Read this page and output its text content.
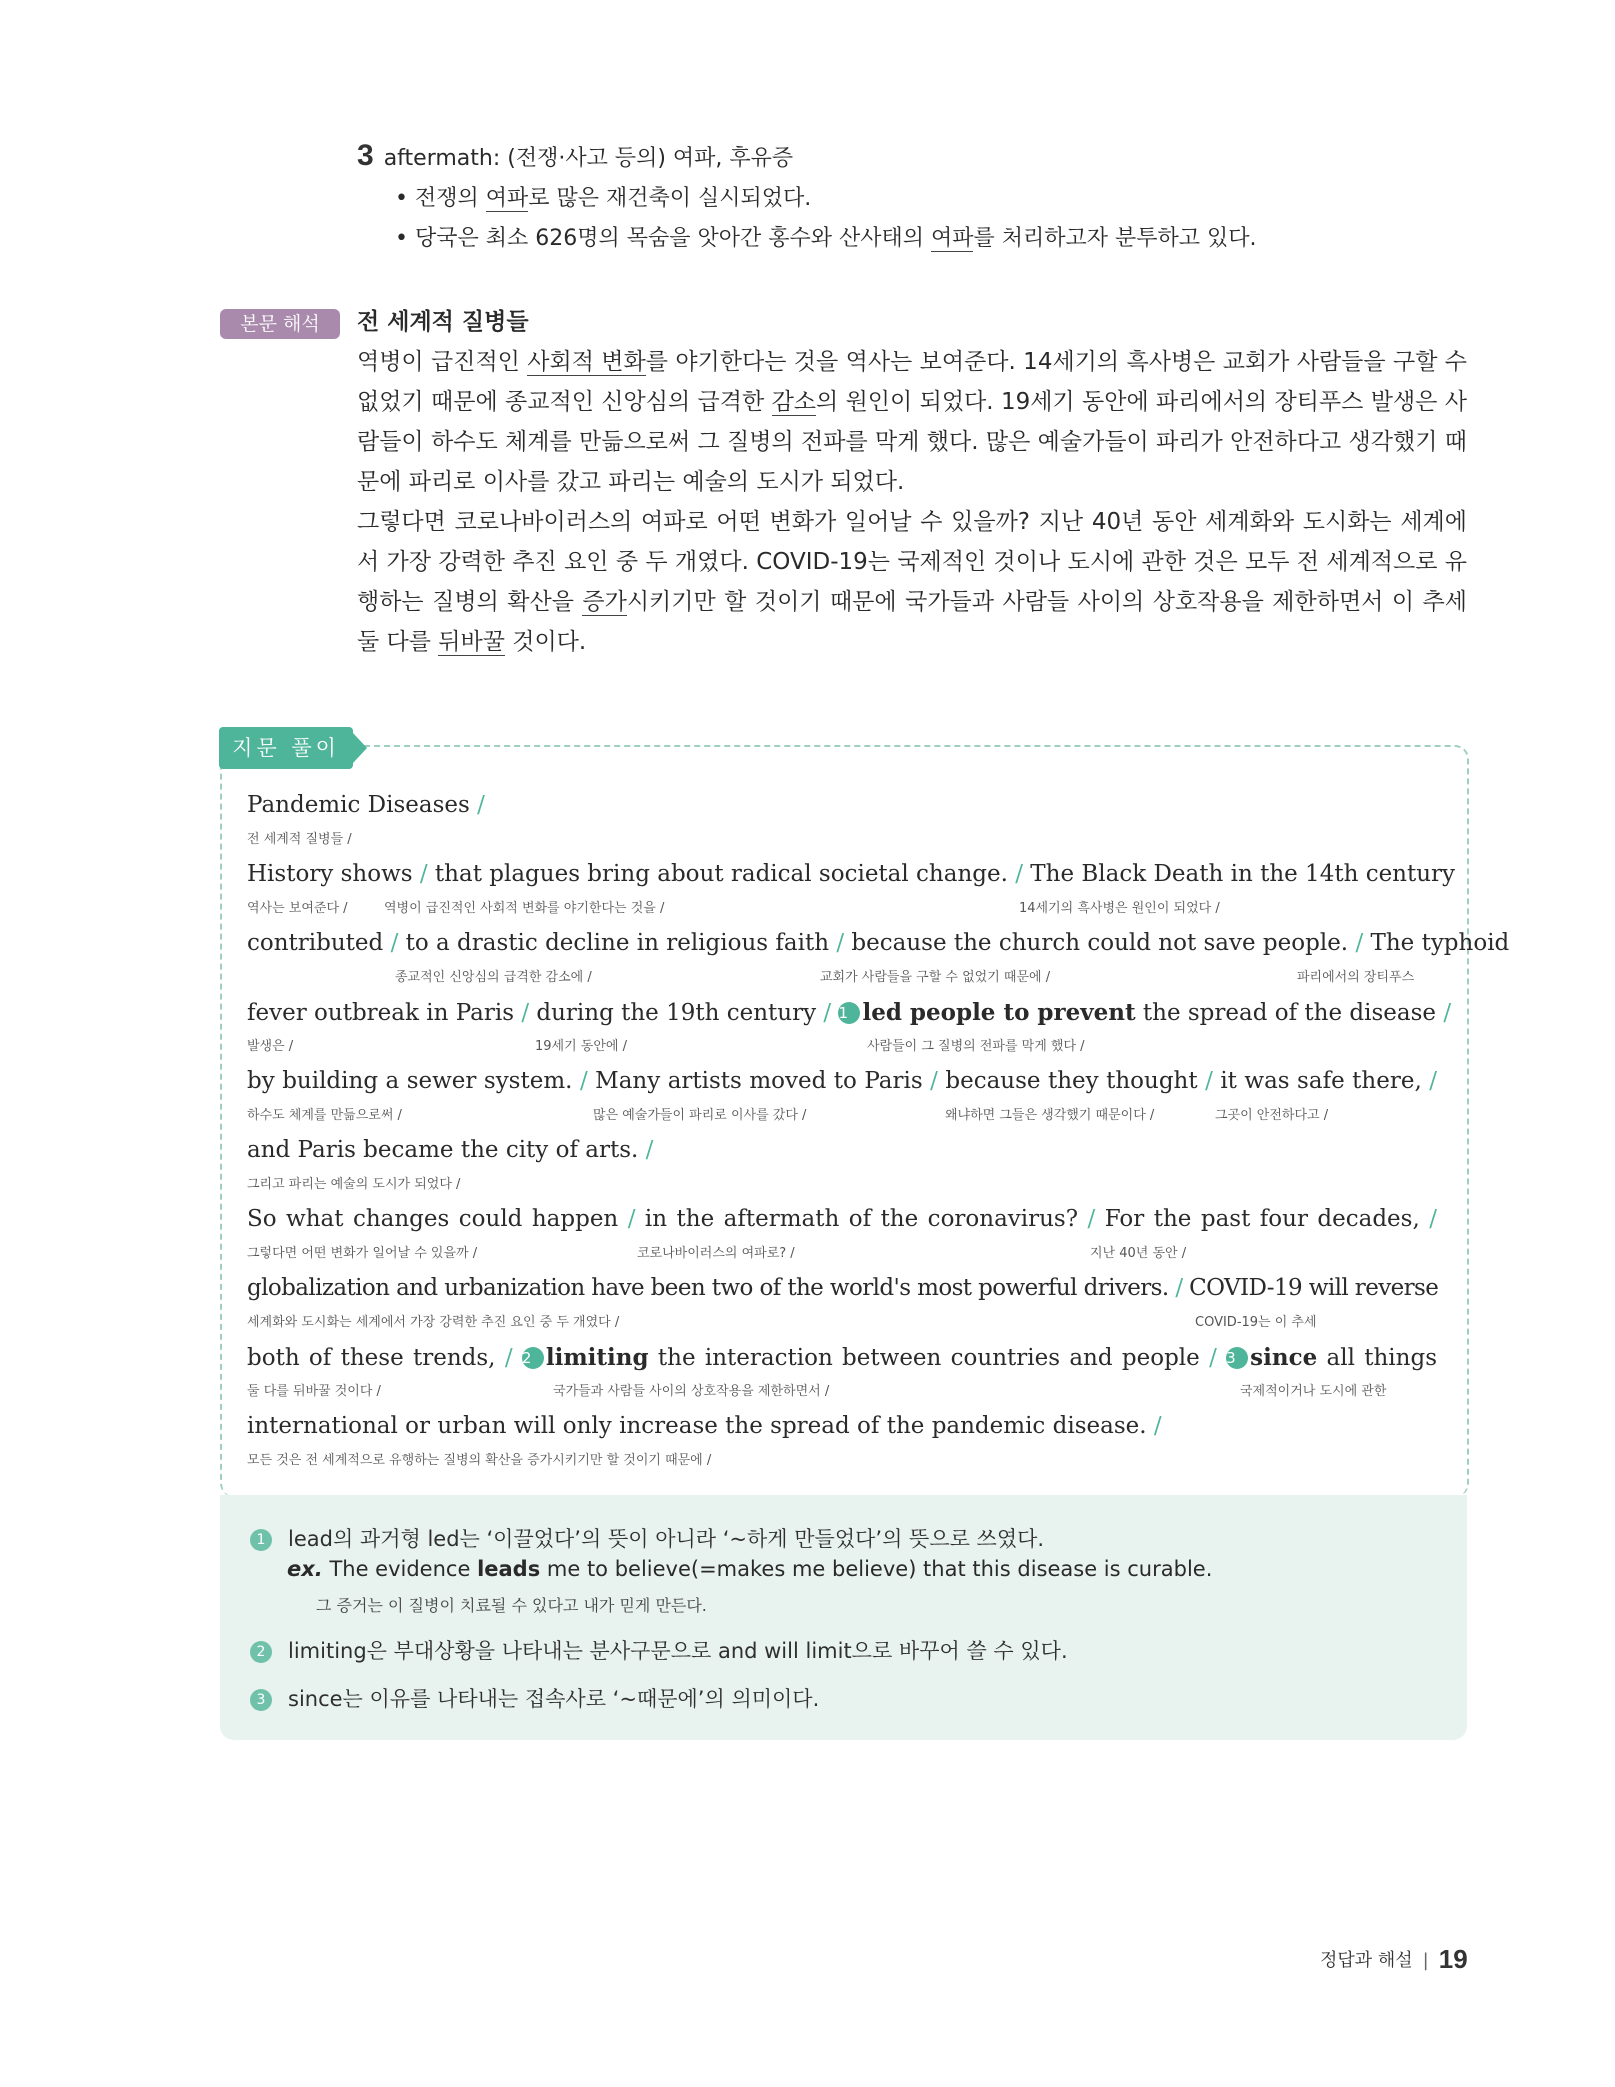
3 aftermath: (전쟁·사고 등의) 여파, 후유증
• 전쟁의 여파로 많은 재건축이 실시되었다.
• 당국은 최소 626명의 목숨을 앗아간 홍수와 산사태의 여파를 처리하고자 분투하고 있다.
본문 해석	전 세계적 질병들

역병이 급진적인 사회적 변화를 야기한다는 것을 역사는 보여준다. 14세기의 흑사병은 교회가 사람들을 구할 수 없었기 때문에 종교적인 신앙심의 급격한 감소의 원인이 되었다. 19세기 동안에 파리에서의 장티푸스 발생은 사람들이 하수도 체계를 만듦으로써 그 질병의 전파를 막게 했다. 많은 예술가들이 파리가 안전하다고 생각했기 때문에 파리로 이사를 갔고 파리는 예술의 도시가 되었다.

그렇다면 코로나바이러스의 여파로 어떤 변화가 일어날 수 있을까? 지난 40년 동안 세계화와 도시화는 세계에서 가장 강력한 추진 요인 중 두 개였다. COVID-19는 국제적인 것이나 도시에 관한 것은 모두 전 세계적으로 유행하는 질병의 확산을 증가시키기만 할 것이기 때문에 국가들과 사람들 사이의 상호작용을 제한하면서 이 추세 둘 다를 뒤바꿀 것이다.

지문 풀이
Pandemic Diseases /
전 세계적 질병들 /
History shows / that plagues bring about radical societal change. / The Black Death in the 14th century
역사는 보여준다 /	역병이 급진적인 사회적 변화를 야기한다는 것을 /	14세기의 흑사병은 원인이 되었다 /
contributed / to a drastic decline in religious faith / because the church could not save people. / The typhoid
종교적인 신앙심의 급격한 감소에 /	교회가 사람들을 구할 수 없었기 때문에 /	파리에서의 장티푸스
fever outbreak in Paris / during the 19th century / 1 led people to prevent the spread of the disease /
발생은 /	19세기 동안에 /	사람들이 그 질병의 전파를 막게 했다 /
by building a sewer system. / Many artists moved to Paris / because they thought / it was safe there, /
하수도 체계를 만듦으로써 /	많은 예술가들이 파리로 이사를 갔다 /	왜냐하면 그들은 생각했기 때문이다 /	그곳이 안전하다고 /
and Paris became the city of arts. /
그리고 파리는 예술의 도시가 되었다 /
So what changes could happen / in the aftermath of the coronavirus? / For the past four decades, /
그렇다면 어떤 변화가 일어날 수 있을까 /	코로나바이러스의 여파로? /	지난 40년 동안 /
globalization and urbanization have been two of the world's most powerful drivers. / COVID-19 will reverse
세계화와 도시화는 세계에서 가장 강력한 추진 요인 중 두 개였다 /	COVID-19는 이 추세
both of these trends, / 2 limiting the interaction between countries and people / 3 since all things
둘 다를 뒤바꿀 것이다 /	국가들과 사람들 사이의 상호작용을 제한하면서 /	국제적이거나 도시에 관한
international or urban will only increase the spread of the pandemic disease. /
모든 것은 전 세계적으로 유행하는 질병의 확산을 증가시키기만 할 것이기 때문에 /
1 lead의 과거형 led는 ‘이끌었다’의 뜻이 아니라 ‘~하게 만들었다’의 뜻으로 쓰였다.
ex. The evidence leads me to believe(=makes me believe) that this disease is curable.
그 증거는 이 질병이 치료될 수 있다고 내가 믿게 만든다.
2 limiting은 부대상황을 나타내는 분사구문으로 and will limit으로 바꾸어 쓸 수 있다.
3 since는 이유를 나타내는 접속사로 ‘~때문에’의 의미이다.
정답과 해설 | 19
